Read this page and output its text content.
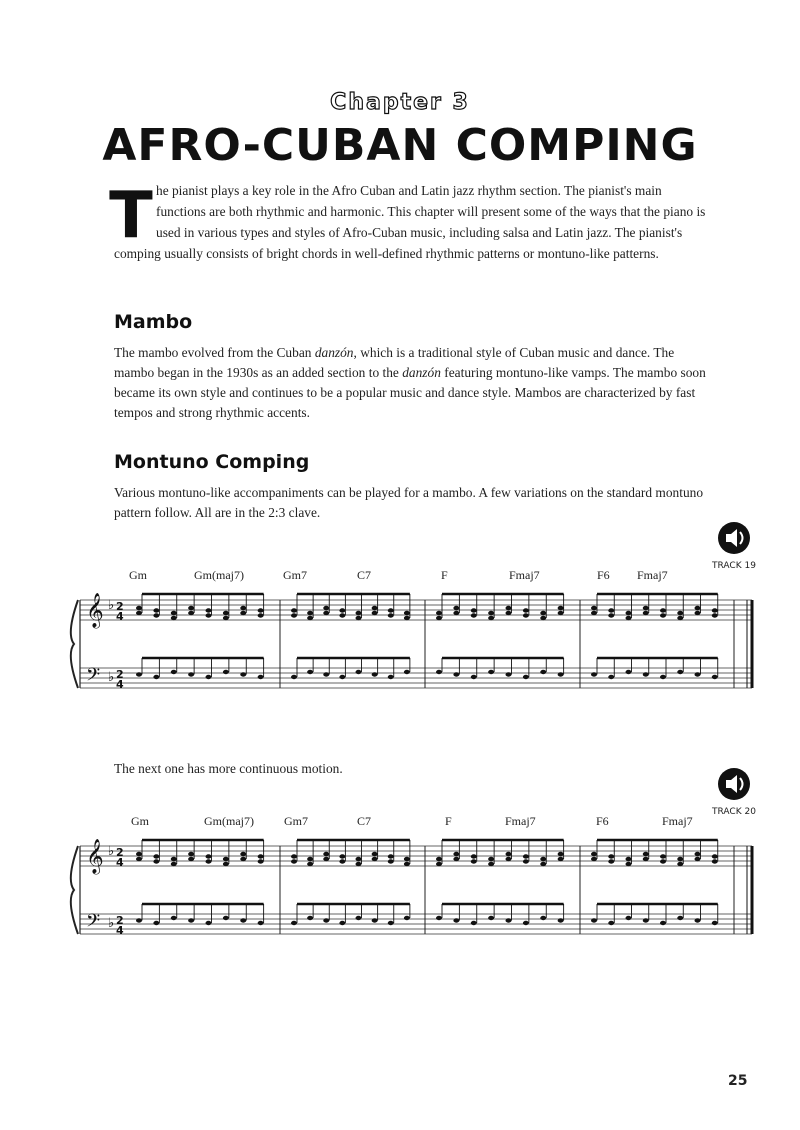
Chapter 3
AFRO-CUBAN COMPING
T he pianist plays a key role in the Afro Cuban and Latin jazz rhythm section. The pianist's main functions are both rhythmic and harmonic. This chapter will present some of the ways that the piano is used in various types and styles of Afro-Cuban music, including salsa and Latin jazz. The pianist's comping usually consists of bright chords in well-defined rhythmic patterns or montuno-like patterns.
Mambo
The mambo evolved from the Cuban danzón, which is a traditional style of Cuban music and dance. The mambo began in the 1930s as an added section to the danzón featuring montuno-like vamps. The mambo soon became its own style and continues to be a popular music and dance style. Mambos are characterized by fast tempos and strong rhythmic accents.
Montuno Comping
Various montuno-like accompaniments can be played for a mambo. A few variations on the standard montuno pattern follow. All are in the 2:3 clave.
TRACK 19
Gm	Gm(maj7)	Gm7	C7	F	Fmaj7	F6 Fmaj7
𝄞
𝄢
♭
♭
2
4
2
4
The next one has more continuous motion.
TRACK 20
Gm	Gm(maj7)	Gm7	C7	F	Fmaj7	F6	Fmaj7
𝄞
𝄢
♭
♭
2
4
2
4
25
